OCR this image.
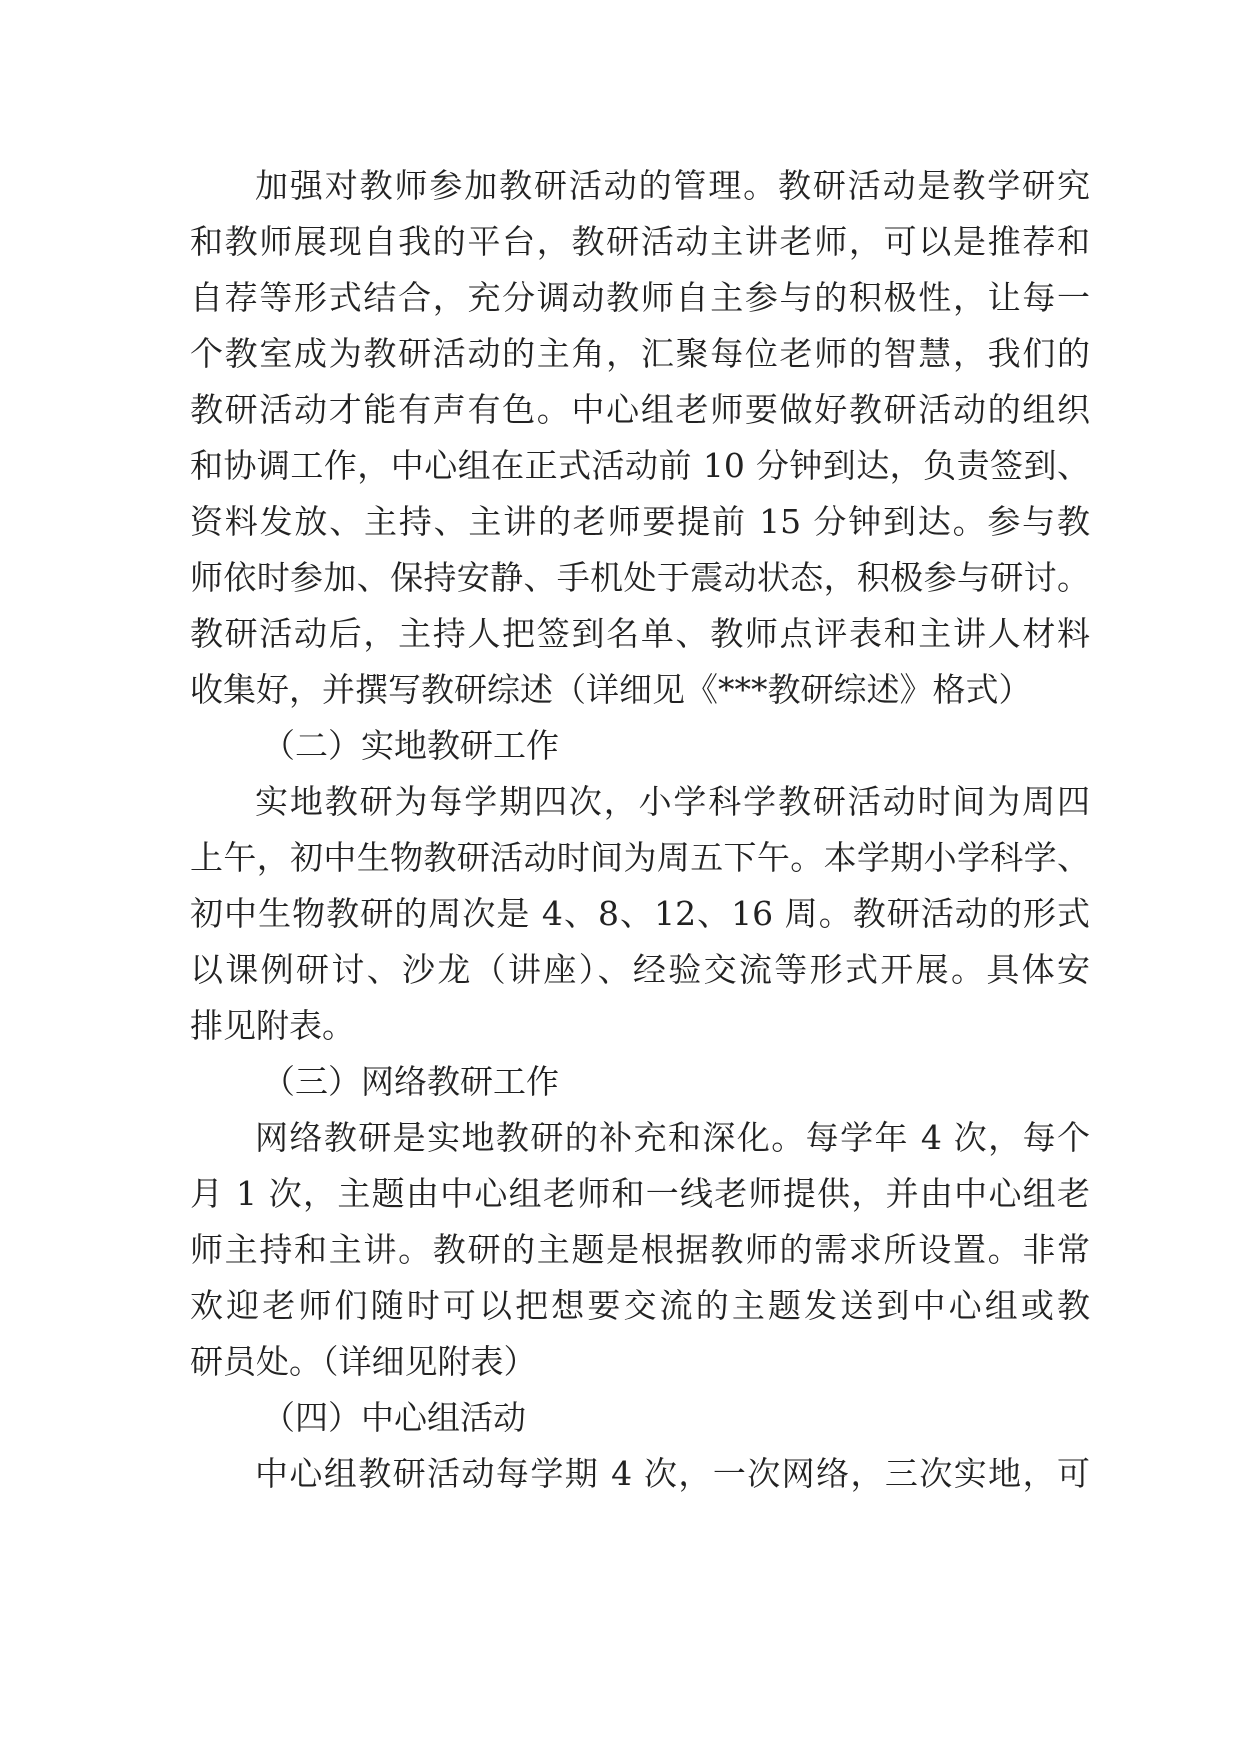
加强对教师参加教研活动的管理。教研活动是教学研究
和教师展现自我的平台，教研活动主讲老师，可以是推荐和
自荐等形式结合，充分调动教师自主参与的积极性，让每一
个教室成为教研活动的主角，汇聚每位老师的智慧，我们的
教研活动才能有声有色。中心组老师要做好教研活动的组织
和协调工作，中心组在正式活动前 10 分钟到达，负责签到、
资料发放、主持、主讲的老师要提前 15 分钟到达。参与教
师依时参加、保持安静、手机处于震动状态，积极参与研讨。
教研活动后，主持人把签到名单、教师点评表和主讲人材料
收集好，并撰写教研综述（详细见《***教研综述》格式）
（二）实地教研工作
实地教研为每学期四次，小学科学教研活动时间为周四
上午，初中生物教研活动时间为周五下午。本学期小学科学、
初中生物教研的周次是 4、8、12、16 周。教研活动的形式
以课例研讨、沙龙（讲座）、经验交流等形式开展。具体安
排见附表。
（三）网络教研工作
网络教研是实地教研的补充和深化。每学年 4 次，每个
月 1 次，主题由中心组老师和一线老师提供，并由中心组老
师主持和主讲。教研的主题是根据教师的需求所设置。非常
欢迎老师们随时可以把想要交流的主题发送到中心组或教
研员处。（详细见附表）
（四）中心组活动
中心组教研活动每学期 4 次，一次网络，三次实地，可
